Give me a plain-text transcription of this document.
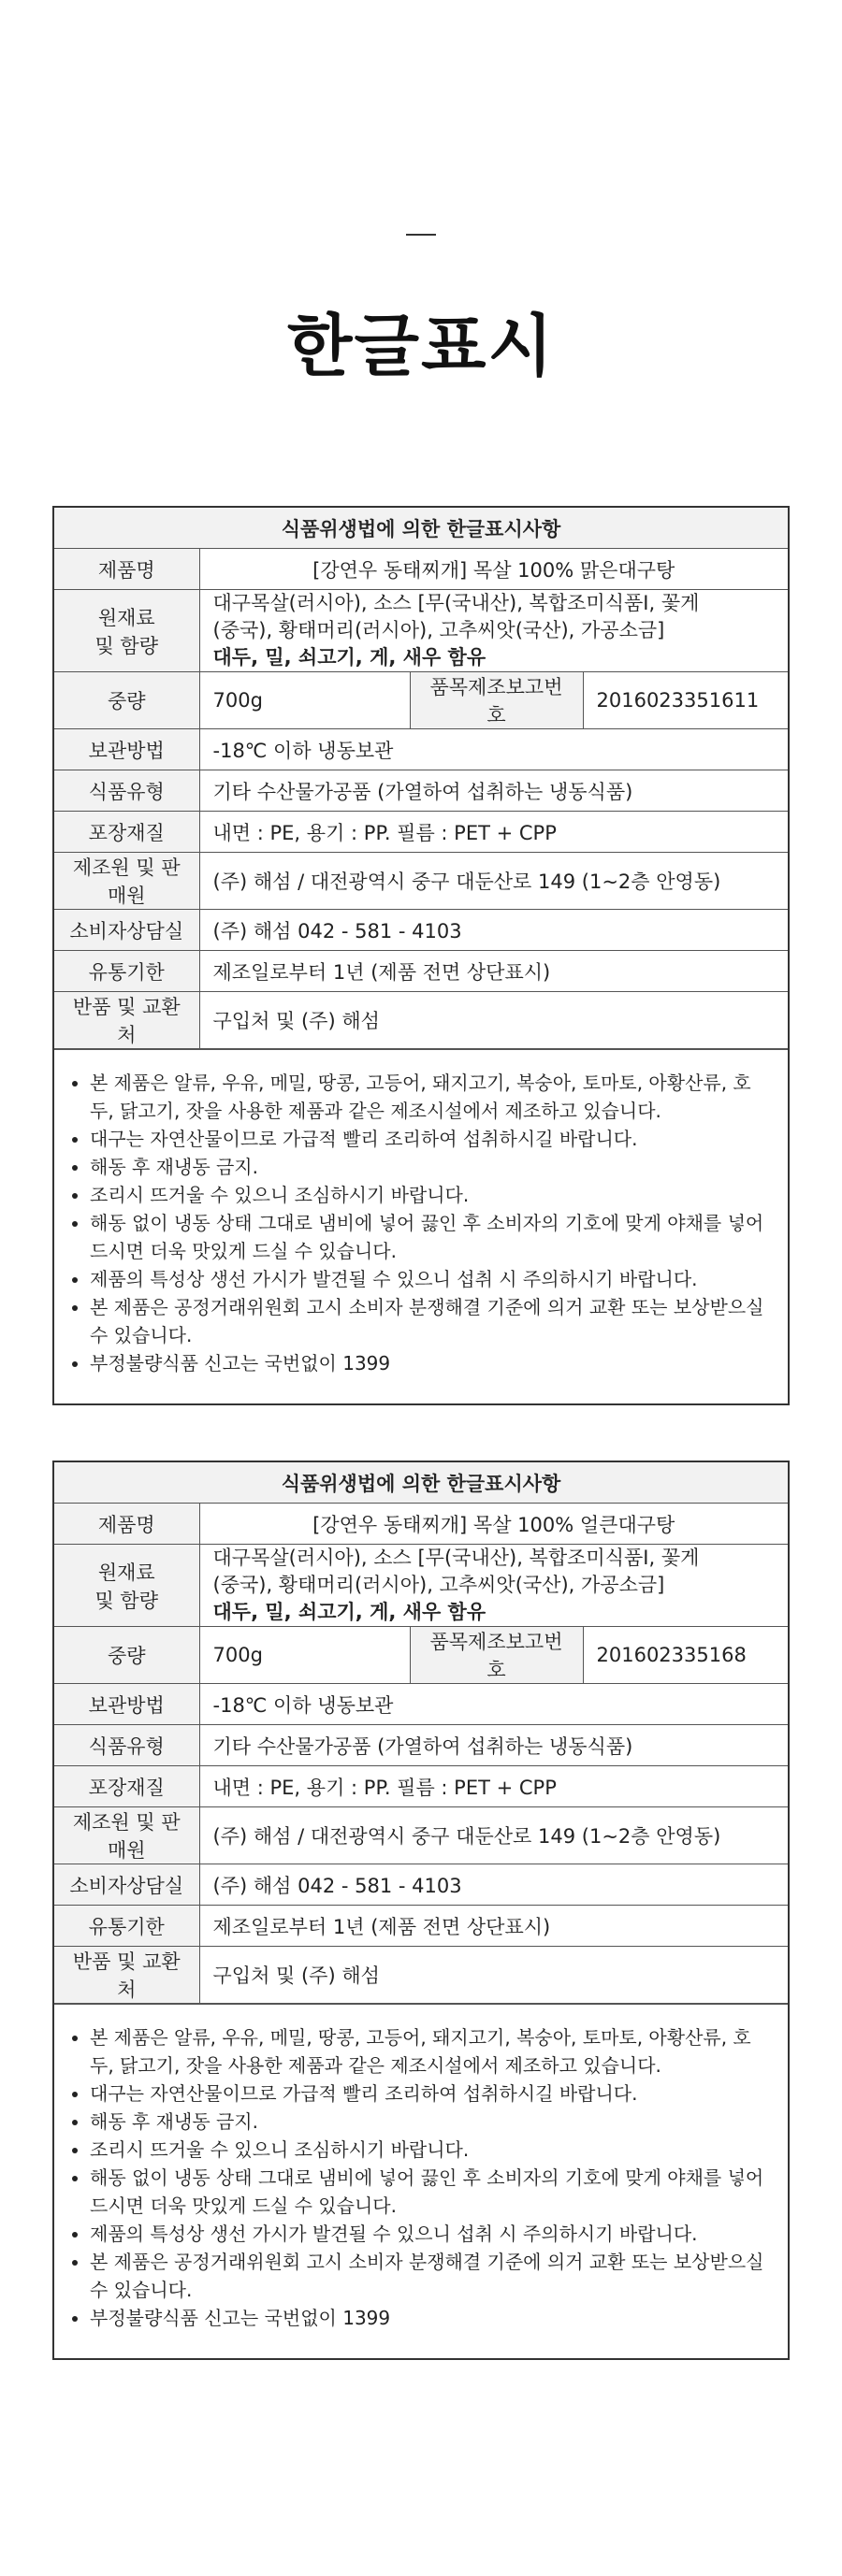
한글표시
식품위생법에 의한 한글표시사항			
제품명	[강연우 동태찌개] 목살 100% 맑은대구탕		
원재료
및 함량	대구목살(러시아), 소스 [무(국내산), 복합조미식품I, 꽃게
(중국), 황태머리(러시아), 고추씨앗(국산), 가공소금]
대두, 밀, 쇠고기, 게, 새우 함유		

중량	700g	품목제조보고번호	2016023351611
보관방법	-18℃ 이하 냉동보관		
식품유형	기타 수산물가공품 (가열하여 섭취하는 냉동식품)		
포장재질	내면 : PE, 용기 : PP. 필름 : PET + CPP		
제조원 및 판매원	(주) 해섬 / 대전광역시 중구 대둔산로 149 (1~2층 안영동)		
소비자상담실	(주) 해섬 042 - 581 - 4103		
유통기한	제조일로부터 1년 (제품 전면 상단표시)		
반품 및 교환처	구입처 및 (주) 해섬		
• 본 제품은 알류, 우유, 메밀, 땅콩, 고등어, 돼지고기, 복숭아, 토마토, 아황산류, 호두, 닭고기, 잣을 사용한 제품과 같은 제조시설에서 제조하고 있습니다.
• 대구는 자연산물이므로 가급적 빨리 조리하여 섭취하시길 바랍니다.
• 해동 후 재냉동 금지.
• 조리시 뜨거울 수 있으니 조심하시기 바랍니다.
• 해동 없이 냉동 상태 그대로 냄비에 넣어 끓인 후 소비자의 기호에 맞게 야채를 넣어 드시면 더욱 맛있게 드실 수 있습니다.
• 제품의 특성상 생선 가시가 발견될 수 있으니 섭취 시 주의하시기 바랍니다.
• 본 제품은 공정거래위원회 고시 소비자 분쟁해결 기준에 의거 교환 또는 보상받으실 수 있습니다.
• 부정불량식품 신고는 국번없이 1399
식품위생법에 의한 한글표시사항			
제품명	[강연우 동태찌개] 목살 100% 얼큰대구탕		
원재료
및 함량	대구목살(러시아), 소스 [무(국내산), 복합조미식품I, 꽃게
(중국), 황태머리(러시아), 고추씨앗(국산), 가공소금]
대두, 밀, 쇠고기, 게, 새우 함유		

중량	700g	품목제조보고번호	201602335168
보관방법	-18℃ 이하 냉동보관		
식품유형	기타 수산물가공품 (가열하여 섭취하는 냉동식품)		
포장재질	내면 : PE, 용기 : PP. 필름 : PET + CPP		
제조원 및 판매원	(주) 해섬 / 대전광역시 중구 대둔산로 149 (1~2층 안영동)		
소비자상담실	(주) 해섬 042 - 581 - 4103		
유통기한	제조일로부터 1년 (제품 전면 상단표시)		
반품 및 교환처	구입처 및 (주) 해섬		
• 본 제품은 알류, 우유, 메밀, 땅콩, 고등어, 돼지고기, 복숭아, 토마토, 아황산류, 호두, 닭고기, 잣을 사용한 제품과 같은 제조시설에서 제조하고 있습니다.
• 대구는 자연산물이므로 가급적 빨리 조리하여 섭취하시길 바랍니다.
• 해동 후 재냉동 금지.
• 조리시 뜨거울 수 있으니 조심하시기 바랍니다.
• 해동 없이 냉동 상태 그대로 냄비에 넣어 끓인 후 소비자의 기호에 맞게 야채를 넣어 드시면 더욱 맛있게 드실 수 있습니다.
• 제품의 특성상 생선 가시가 발견될 수 있으니 섭취 시 주의하시기 바랍니다.
• 본 제품은 공정거래위원회 고시 소비자 분쟁해결 기준에 의거 교환 또는 보상받으실 수 있습니다.
• 부정불량식품 신고는 국번없이 1399
